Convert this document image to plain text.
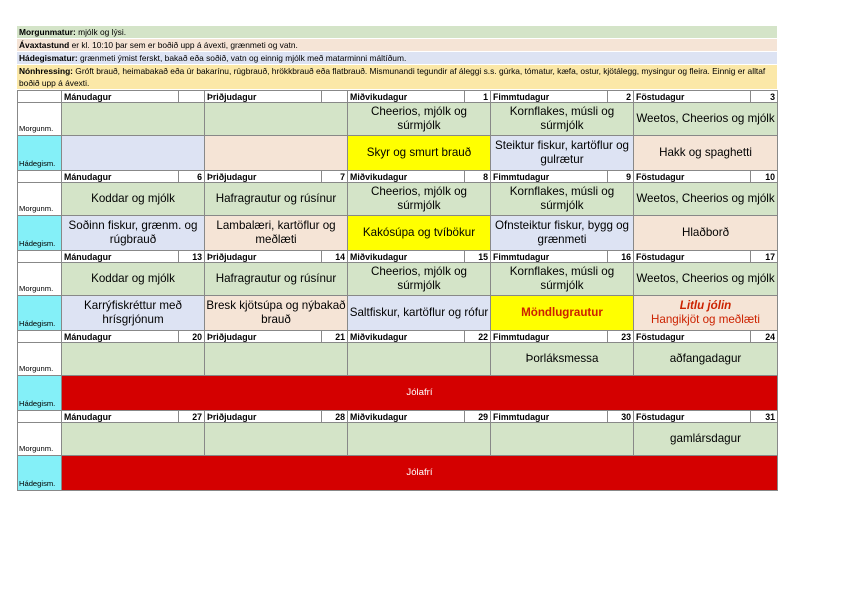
Morgunmatur: mjólk og lýsi.
Ávaxtastund er kl. 10:10 þar sem er boðið upp á ávexti, grænmeti og vatn.
Hádegismatur: grænmeti ýmist ferskt, bakað eða soðið, vatn og einnig mjólk með matarminni máltíðum.
Nónhressing: Gróft brauð, heimabakað eða úr bakarínu, rúgbrauð, hrökkbrauð eða flatbrauð. Mismunandi tegundir af áleggi s.s. gúrka, tómatur, kæfa, ostur, kjötálegg, mysingur og fleira. Einnig er alltaf boðið upp á ávexti.
	Mánudagur		Þriðjudagur		Miðvikudagur	1	Fimmtudagur	2	Föstudagur	3
Morgunm.					Cheerios, mjólk og súrmjólk		Kornflakes, músli og súrmjólk		Weetos, Cheerios og mjólk	
Hádegism.					Skyr og smurt brauð		Steiktur fiskur, kartöflur og gulrætur		Hakk og spaghetti	
	Mánudagur	6	Þriðjudagur	7	Miðvikudagur	8	Fimmtudagur	9	Föstudagur	10
Morgunm.	Koddar og mjólk		Hafragrautur og rúsínur		Cheerios, mjólk og súrmjólk		Kornflakes, músli og súrmjólk		Weetos, Cheerios og mjólk	
Hádegism.	Soðinn fiskur, grænm. og rúgbrauð		Lambalæri, kartöflur og meðlæti		Kakósúpa og tvíbökur		Ofnsteiktur fiskur, bygg og grænmeti		Hlaðborð	
	Mánudagur	13	Þriðjudagur	14	Miðvikudagur	15	Fimmtudagur	16	Föstudagur	17
Morgunm.	Koddar og mjólk		Hafragrautur og rúsínur		Cheerios, mjólk og súrmjólk		Kornflakes, músli og súrmjólk		Weetos, Cheerios og mjólk	
Hádegism.	Karrýfiskréttur með hrísgrjónum		Bresk kjötsúpa og nýbakað brauð		Saltfiskur, kartöflur og rófur		Möndlugrautur		Litlu jólin
Hangikjöt og meðlæti	

	Mánudagur	20	Þriðjudagur	21	Miðvikudagur	22	Fimmtudagur	23	Föstudagur	24
Morgunm.							Þorláksmessa		aðfangadagur	
Hádegism.	Jólafrí									
	Mánudagur	27	Þriðjudagur	28	Miðvikudagur	29	Fimmtudagur	30	Föstudagur	31
Morgunm.									gamlársdagur	
Hádegism.	Jólafrí									
